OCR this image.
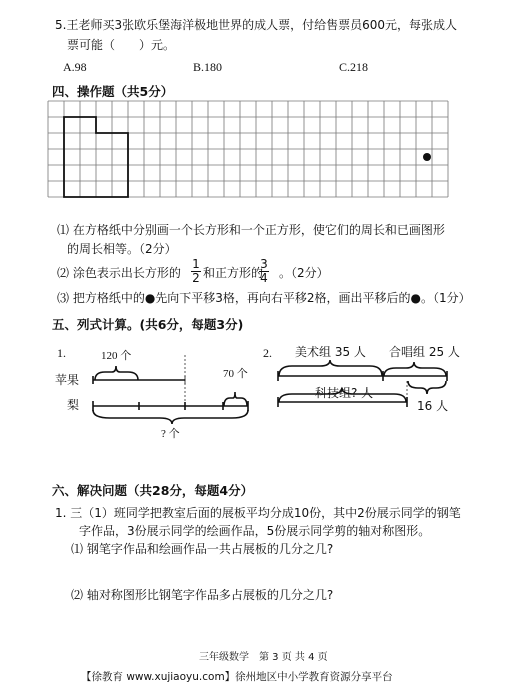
5.王老师买3张欧乐堡海洋极地世界的成人票，付给售票员600元，每张成人
票可能（　　）元。
A.98	B.180	C.218
四、操作题（共5分）
⑴ 在方格纸中分别画一个长方形和一个正方形，使它们的周长和已画图形
的周长相等。（2分）
⑵ 涂色表示出长方形的
1
2 和正方形的
3
4 。（2分）
⑶ 把方格纸中的●先向下平移3格，再向右平移2格，画出平移后的●。（1分）
五、列式计算。(共6分，每题3分)
1.	120 个
70 个
苹果
梨
? 个
2. 美术组 35 人 合唱组 25 人
科技组? 人
16 人
六、解决问题（共28分，每题4分）
1. 三（1）班同学把教室后面的展板平均分成10份，其中2份展示同学的钢笔
字作品，3份展示同学的绘画作品，5份展示同学剪的轴对称图形。
⑴ 钢笔字作品和绘画作品一共占展板的几分之几?
⑵ 轴对称图形比钢笔字作品多占展板的几分之几?
三年级数学　第 3 页 共 4 页
【徐教育 www.xujiaoyu.com】徐州地区中小学教育资源分享平台
